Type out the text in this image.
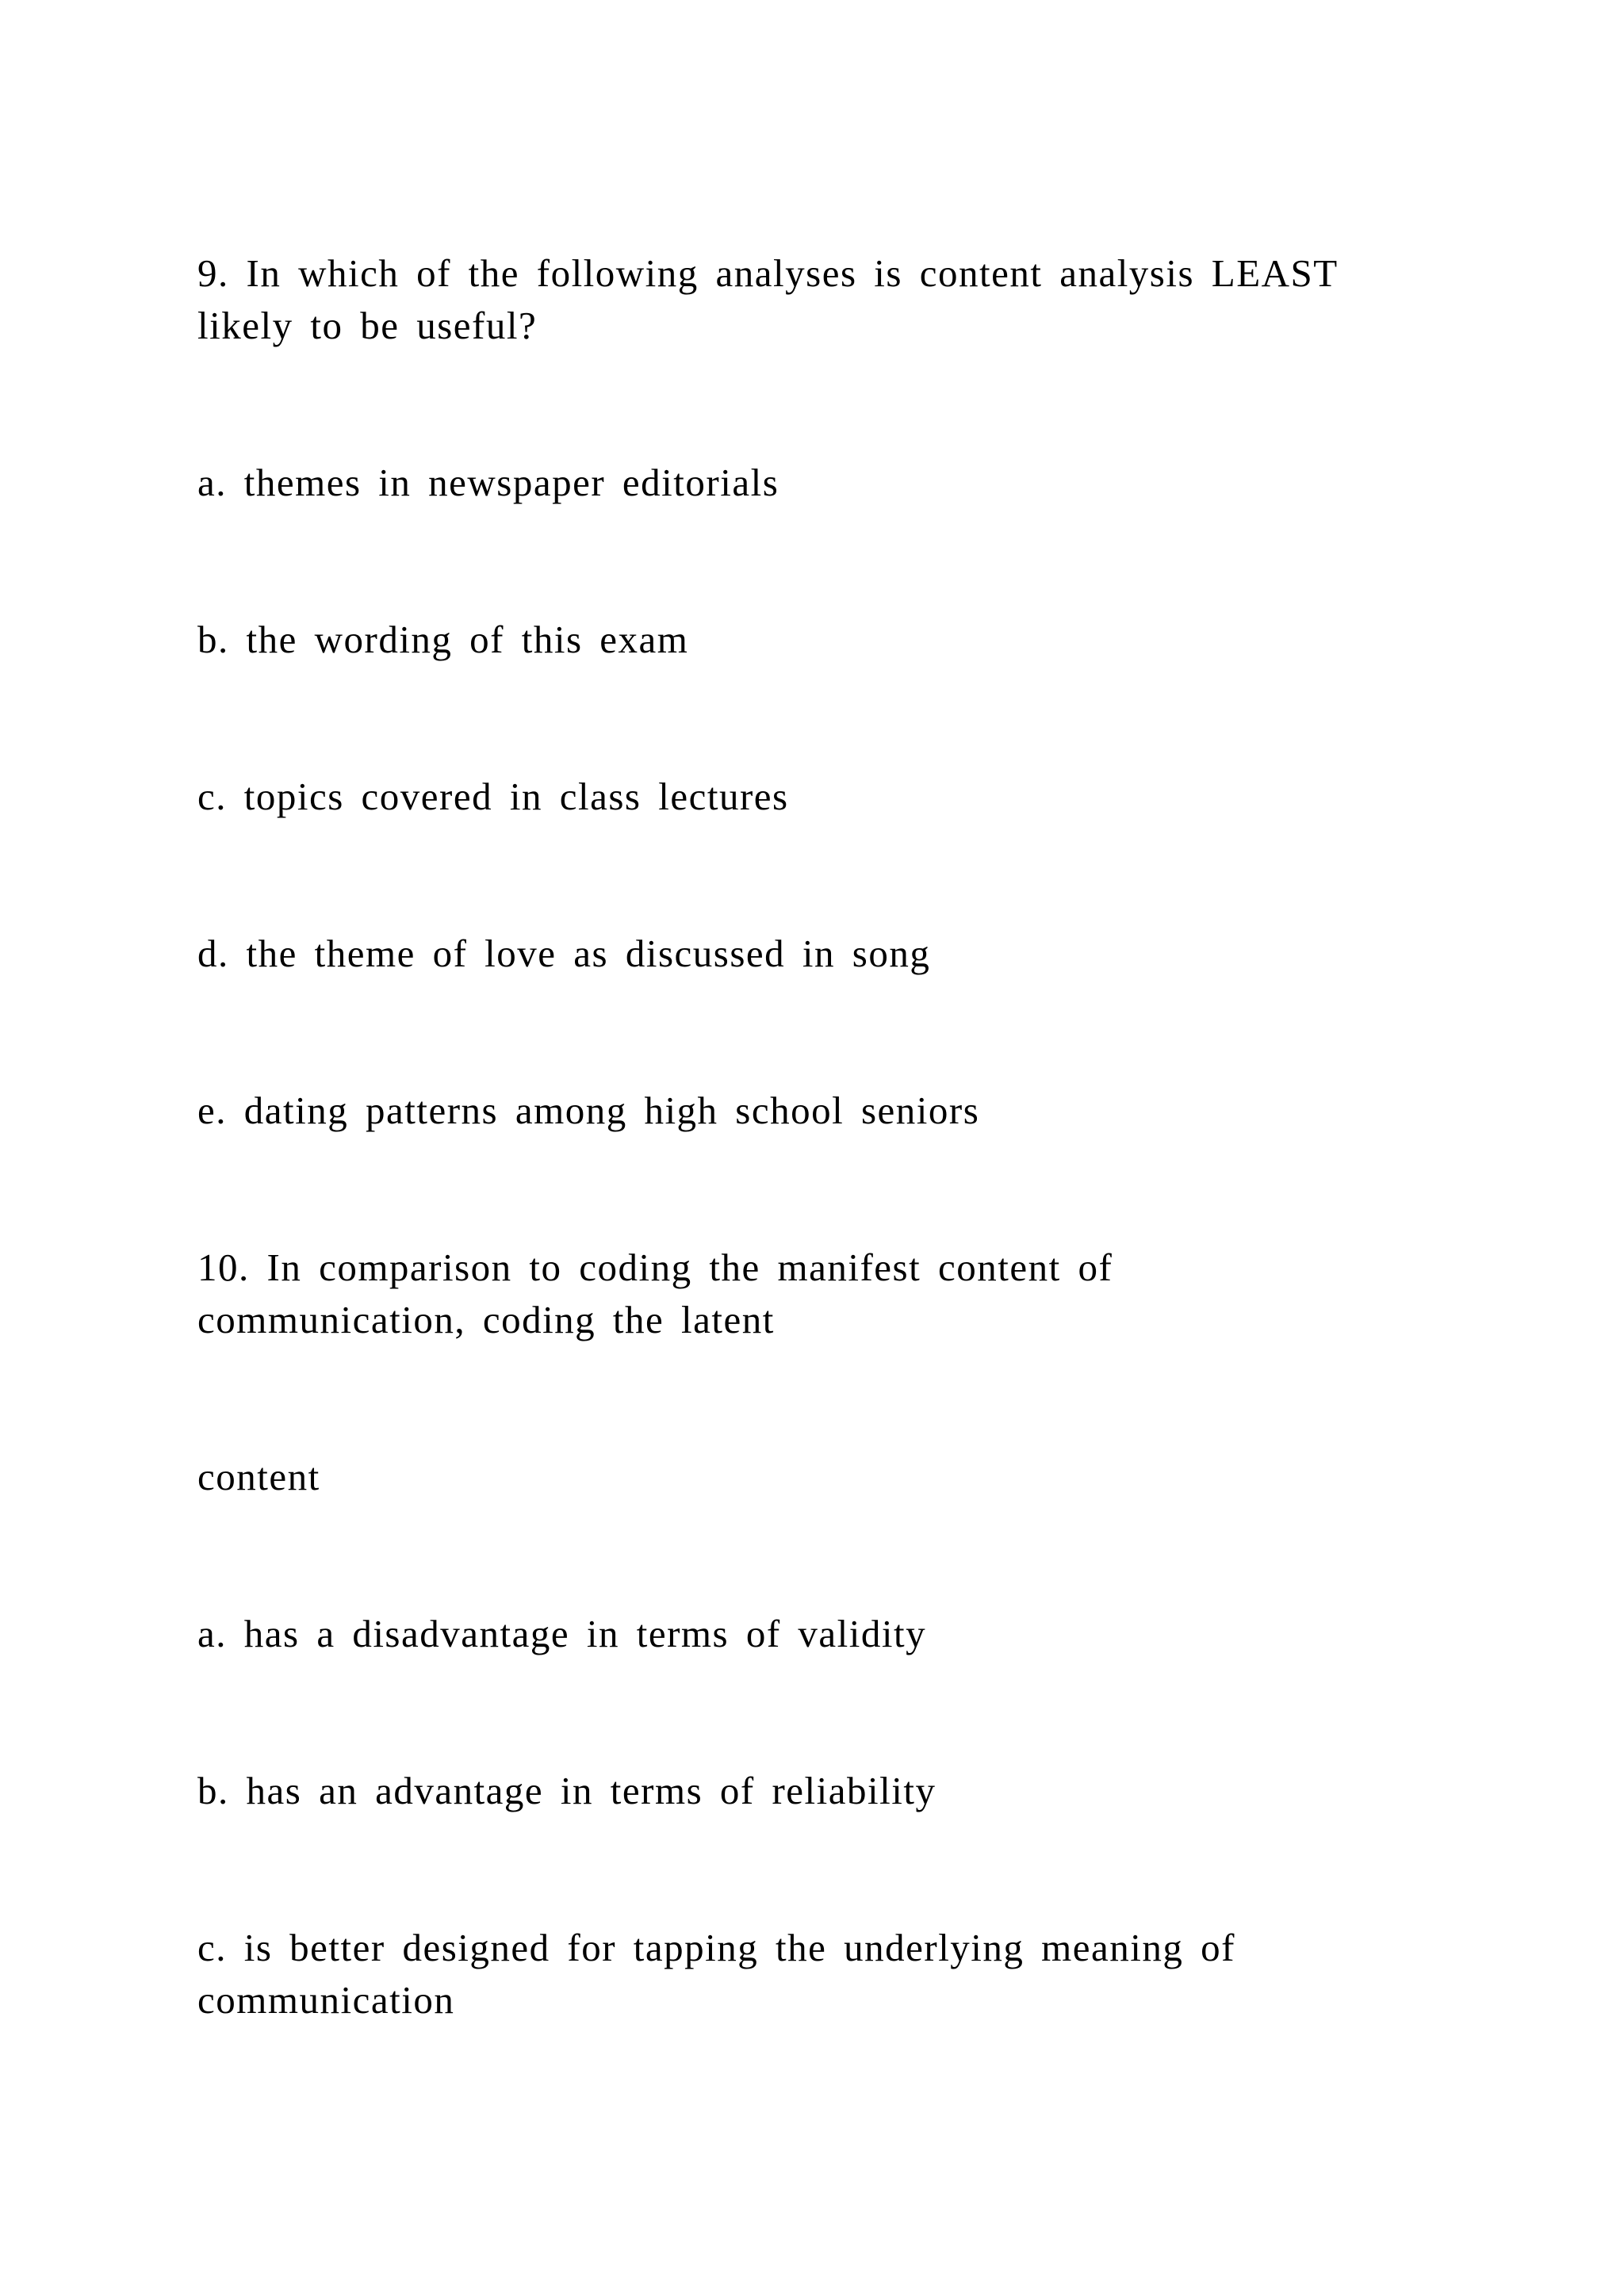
9. In which of the following analyses is content analysis LEAST
likely to be useful?
a. themes in newspaper editorials
b. the wording of this exam
c. topics covered in class lectures
d. the theme of love as discussed in song
e. dating patterns among high school seniors
10. In comparison to coding the manifest content of
communication, coding the latent
content
a. has a disadvantage in terms of validity
b. has an advantage in terms of reliability
c. is better designed for tapping the underlying meaning of
communication
